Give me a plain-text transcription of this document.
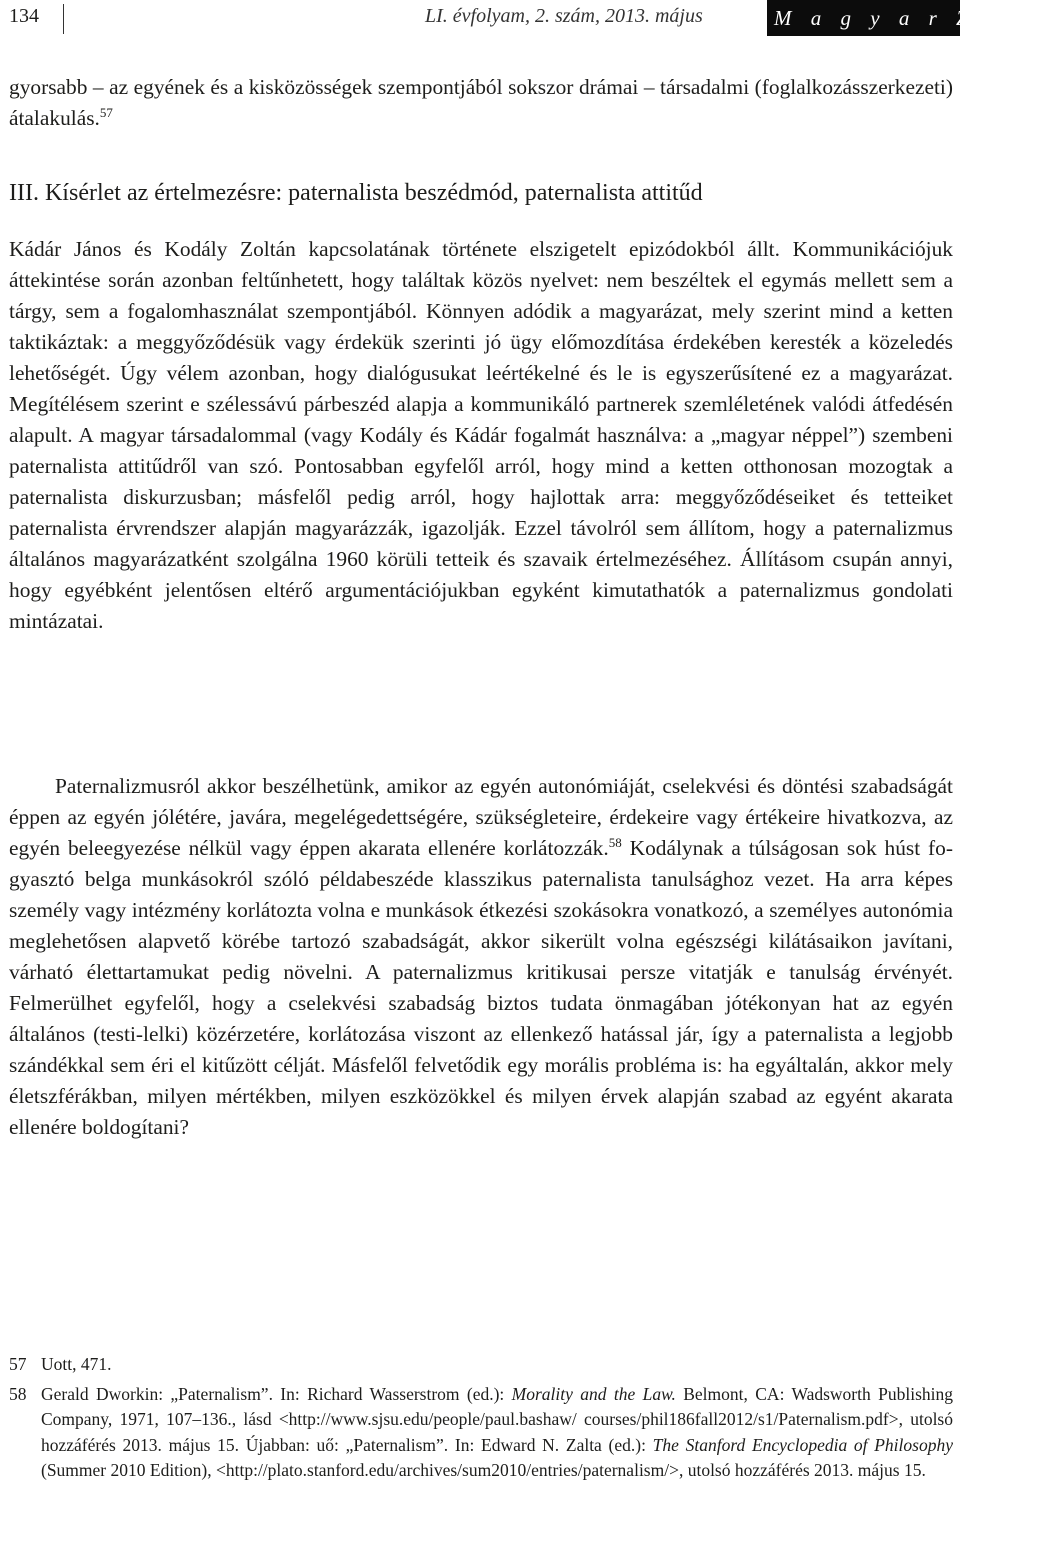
134	LI. évfolyam, 2. szám, 2013. május	M a g y a r Z e n e

gyorsabb – az egyének és a kisközösségek szempontjából sokszor drámai – társadalmi (foglalkozásszerkezeti) átalakulás.$^{57}$

III. Kísérlet az értelmezésre: paternalista beszédmód, paternalista attitűd

Kádár János és Kodály Zoltán kapcsolatának története elszigetelt epizódokból állt. Kommunikációjuk áttekintése során azonban feltűnhetett, hogy találtak közös nyelvet: nem beszéltek el egymás mellett sem a tárgy, sem a fogalomhasználat szempontjából. Könnyen adódik a magyarázat, mely szerint mind a ketten taktikáztak: a meggyőződésük vagy érdekük szerinti jó ügy előmozdítása érdekében keresték a közeledés lehetőségét. Úgy vélem azonban, hogy dialógusukat leértékelné és le is egyszerűsítené ez a magyarázat. Megítélésem szerint e szélessávú párbeszéd alapja a kommunikáló partnerek szemléletének valódi átfedésén alapult. A magyar társadalommal (vagy Kodály és Kádár fogalmát használva: a „magyar néppel”) szembeni paternalista attitűdről van szó. Pontosabban egyfelől arról, hogy mind a ketten otthonosan mozogtak a paternalista diskurzusban; másfelől pedig arról, hogy hajlottak arra: meggyőződéseiket és tetteiket paternalista érvrendszer alapján magyarázzák, igazolják. Ezzel távolról sem állítom, hogy a paternalizmus általános magyarázatként szolgálna 1960 körüli tetteik és szavaik értelmezéséhez. Állításom csupán annyi, hogy egyébként jelentősen eltérő argumentációjukban egyként kimutathatók a paternalizmus gondolati mintázatai.

Paternalizmusról akkor beszélhetünk, amikor az egyén autonómiáját, cselekvési és döntési szabadságát éppen az egyén jólétére, javára, megelégedettségére, szükségleteire, érdekeire vagy értékeire hivatkozva, az egyén beleegyezése nélkül vagy éppen akarata ellenére korlátozzák.$^{58}$ Kodálynak a túlságosan sok húst fogyasztó belga munkásokról szóló példabeszéde klasszikus paternalista tanulsághoz vezet. Ha arra képes személy vagy intézmény korlátozta volna e munkások étkezési szokásokra vonatkozó, a személyes autonómia meglehetősen alapvető körébe tartozó szabadságát, akkor sikerült volna egészségi kilátásaikon javítani, várható élettartamukat pedig növelni. A paternalizmus kritikusai persze vitatják e tanulság érvényét. Felmerülhet egyfelől, hogy a cselekvési szabadság biztos tudata önmagában jótékonyan hat az egyén általános (testi-lelki) közérzetére, korlátozása viszont az ellenkező hatással jár, így a paternalista a legjobb szándékkal sem éri el kitűzött célját. Másfelől felvetődik egy morális probléma is: ha egyáltalán, akkor mely életszférákban, milyen mértékben, milyen eszközökkel és milyen érvek alapján szabad az egyént akarata ellenére boldogítani?

57 Uott, 471.
58 Gerald Dworkin: „Paternalism”. In: Richard Wasserstrom (ed.): Morality and the Law. Belmont, CA: Wadsworth Publishing Company, 1971, 107–136., lásd <http://www.sjsu.edu/people/paul.bashaw/ courses/phil186fall2012/s1/Paternalism.pdf>, utolsó hozzáférés 2013. május 15. Újabban: uő: „Paternalism”. In: Edward N. Zalta (ed.): The Stanford Encyclopedia of Philosophy (Summer 2010 Edition), <http://plato.stanford.edu/archives/sum2010/entries/paternalism/>, utolsó hozzáférés 2013. május 15.
